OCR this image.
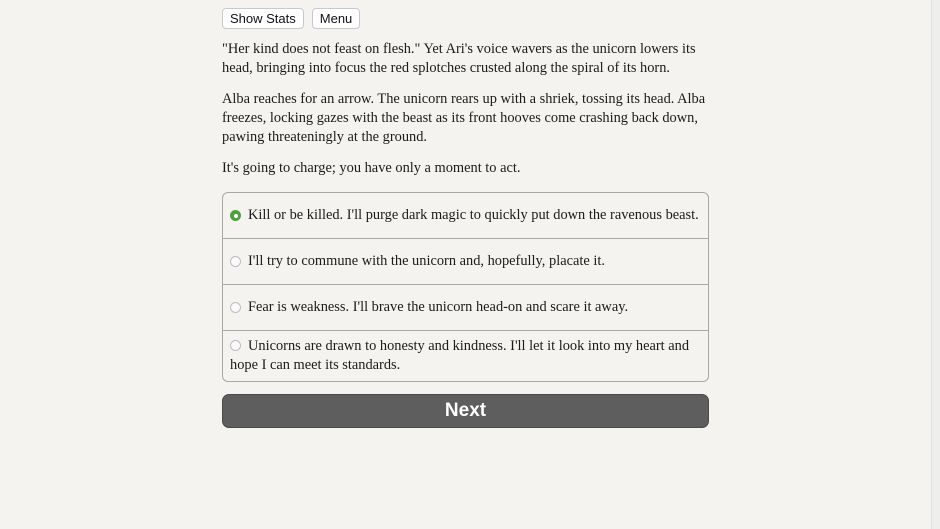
Show Stats	Menu

"Her kind does not feast on flesh." Yet Ari's voice wavers as the unicorn lowers its head, bringing into focus the red splotches crusted along the spiral of its horn.

Alba reaches for an arrow. The unicorn rears up with a shriek, tossing its head. Alba freezes, locking gazes with the beast as its front hooves come crashing back down, pawing threateningly at the ground.

It's going to charge; you have only a moment to act.

Kill or be killed. I'll purge dark magic to quickly put down the ravenous beast.
I'll try to commune with the unicorn and, hopefully, placate it.
Fear is weakness. I'll brave the unicorn head-on and scare it away.
Unicorns are drawn to honesty and kindness. I'll let it look into my heart and hope I can meet its standards.
Next
